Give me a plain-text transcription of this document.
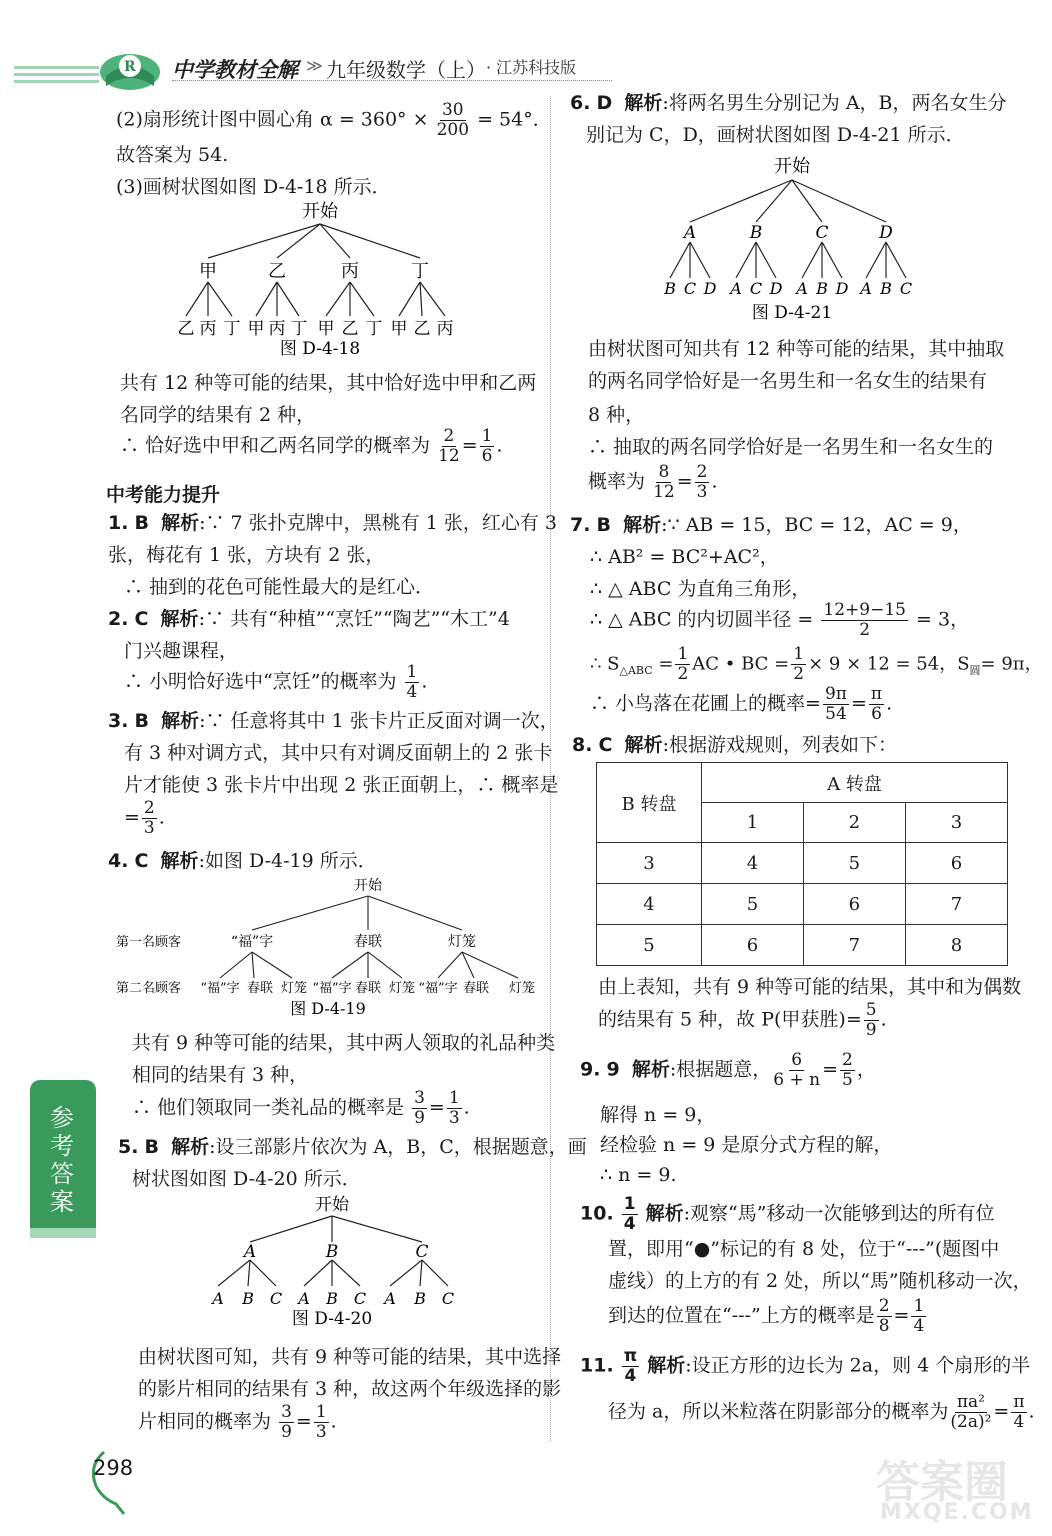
R 中学教材全解 ≫ 九年级数学（上） · 江苏科技版
参考答案
298
(2)扇形统计图中圆心角 $\alpha = 360^\circ \times \frac{30}{200} = 54^\circ$．
故答案为 54.
(3)画树状图如图 D-4-18 所示．
开始
甲	乙	丙	丁
乙 丙 丁 甲 丙 丁 甲 乙 丁 甲 乙 丙
图 D-4-18
共有 12 种等可能的结果，其中恰好选中甲和乙两
名同学的结果有 2 种，
∴ 恰好选中甲和乙两名同学的概率为 $\frac{2}{12} = \frac{1}{6}$ .
中考能力提升
1. B 解析:∵ 7 张扑克牌中，黑桃有 1 张，红心有 3
张，梅花有 1 张，方块有 2 张，
∴ 抽到的花色可能性最大的是红心．
2. C 解析:∵ 共有“种植”“烹饪”“陶艺”“木工”4
门兴趣课程，
∴ 小明恰好选中“烹饪”的概率为 $\frac{1}{4}$ .
3. B 解析:∵ 任意将其中 1 张卡片正反面对调一次，
有 3 种对调方式，其中只有对调反面朝上的 2 张卡
片才能使 3 张卡片中出现 2 张正面朝上，∴ 概率是
= $\frac{2}{3}$ .
4. C 解析:如图 D-4-19 所示．
开始
第一名顾客
第二名顾客
“福”字	春联	灯笼
“福”字 春联 灯笼 “福”字 春联 灯笼 “福”字 春联 灯笼
图 D-4-19
共有 9 种等可能的结果，其中两人领取的礼品种类
相同的结果有 3 种，
∴ 他们领取同一类礼品的概率是 $\frac{3}{9} = \frac{1}{3}$ .
5. B 解析:设三部影片依次为 A，B，C，根据题意，画
树状图如图 D-4-20 所示．
开始
A	B	C
A B C A B C A B C
图 D-4-20
由树状图可知，共有 9 种等可能的结果，其中选择
的影片相同的结果有 3 种，故这两个年级选择的影
片相同的概率为 $\frac{3}{9} = \frac{1}{3}$ .
6. D 解析:将两名男生分别记为 A，B，两名女生分
别记为 C，D，画树状图如图 D-4-21 所示．
开始
A	B	C	D
B C D A C D A B D A B C
图 D-4-21
由树状图可知共有 12 种等可能的结果，其中抽取
的两名同学恰好是一名男生和一名女生的结果有
8 种，
∴ 抽取的两名同学恰好是一名男生和一名女生的
概率为 $\frac{8}{12} = \frac{2}{3}$ .
7. B 解析:∵ AB = 15，BC = 12，AC = 9，
∴ AB² = BC²+AC²，
∴ △ ABC 为直角三角形，
∴ △ ABC 的内切圆半径 = $\frac{12+9-15}{2} = 3$，
∴ $S_{\triangle ABC} = \frac{1}{2}$ AC • BC = $\frac{1}{2} \times 9 \times 12 = 54$，$S_圆= 9\pi$，
∴ 小鸟落在花圃上的概率= $\frac{9\pi}{54} = \frac{\pi}{6}$ .
8. C 解析:根据游戏规则，列表如下：
B 转盘	A 转盘		
	1	2	3
3	4	5	6
4	5	6	7
5	6	7	8
由上表知，共有 9 种等可能的结果，其中和为偶数
的结果有 5 种，故 P(甲获胜)= $\frac{5}{9}$ .
9. 9 解析:根据题意， $\frac{6}{6 + n} = \frac{2}{5}$ ，
解得 n = 9，
经检验 n = 9 是原分式方程的解，
∴ n = 9.
10. $\frac{1}{4}$ 解析:观察“馬”移动一次能够到达的所有位
置，即用“●”标记的有 8 处，位于“---”(题图中
虚线）的上方的有 2 处，所以“馬”随机移动一次，
到达的位置在“---”上方的概率是 $\frac{2}{8} = \frac{1}{4}$
11. $\frac{\pi}{4}$ 解析:设正方形的边长为 2a，则 4 个扇形的半
径为 a，所以米粒落在阴影部分的概率为 $\frac{\text{πa²}}{\text{(2a)²}} = \frac{\pi}{4}$ .
答案圈
MXQE.COM
